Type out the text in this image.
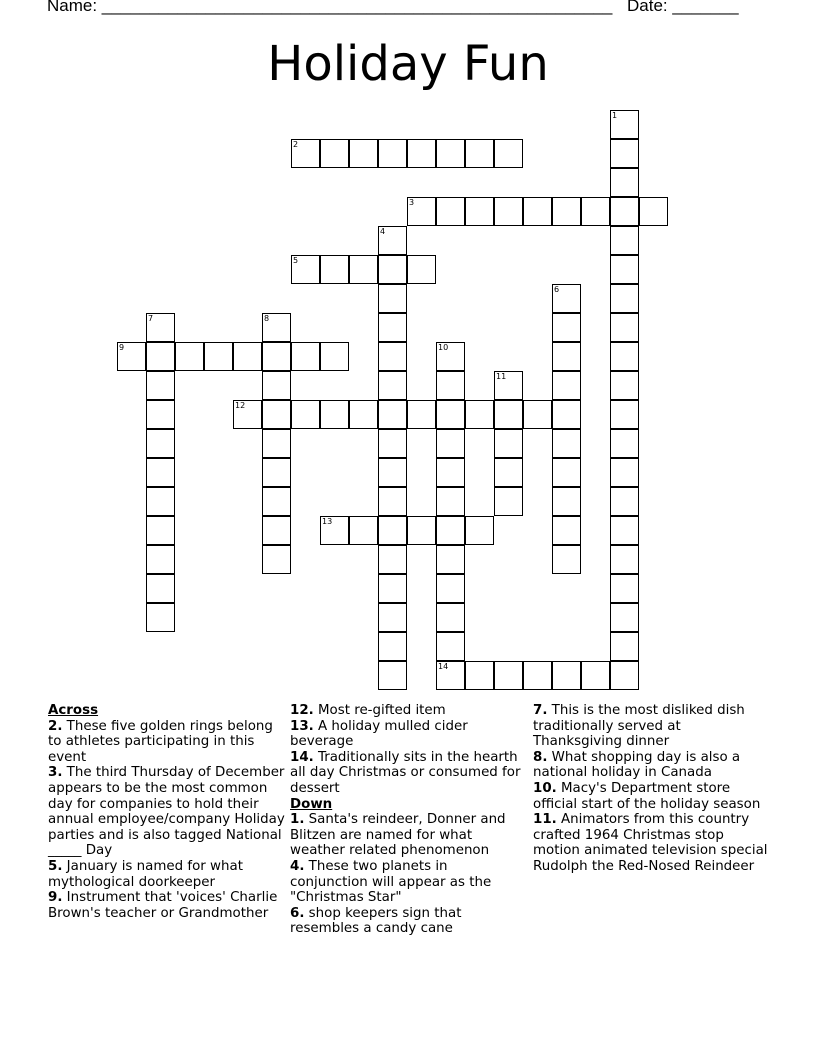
Name: ______________________________________________________ Date: _______
Holiday Fun
1
2
3
4
5
6
7	8
9	10
14
11
12
13
Across
2. These five golden rings belong to athletes participating in this event
3. The third Thursday of December appears to be the most common day for companies to hold their annual employee/company Holiday parties and is also tagged National _____ Day
5. January is named for what mythological doorkeeper
9. Instrument that 'voices' Charlie Brown's teacher or Grandmother
12. Most re-gifted item
13. A holiday mulled cider beverage
14. Traditionally sits in the hearth all day Christmas or consumed for dessert
Down
1. Santa's reindeer, Donner and Blitzen are named for what weather related phenomenon
4. These two planets in conjunction will appear as the "Christmas Star"
6. shop keepers sign that resembles a candy cane
7. This is the most disliked dish traditionally served at Thanksgiving dinner
8. What shopping day is also a national holiday in Canada
10. Macy's Department store official start of the holiday season
11. Animators from this country crafted 1964 Christmas stop motion animated television special Rudolph the Red-Nosed Reindeer
